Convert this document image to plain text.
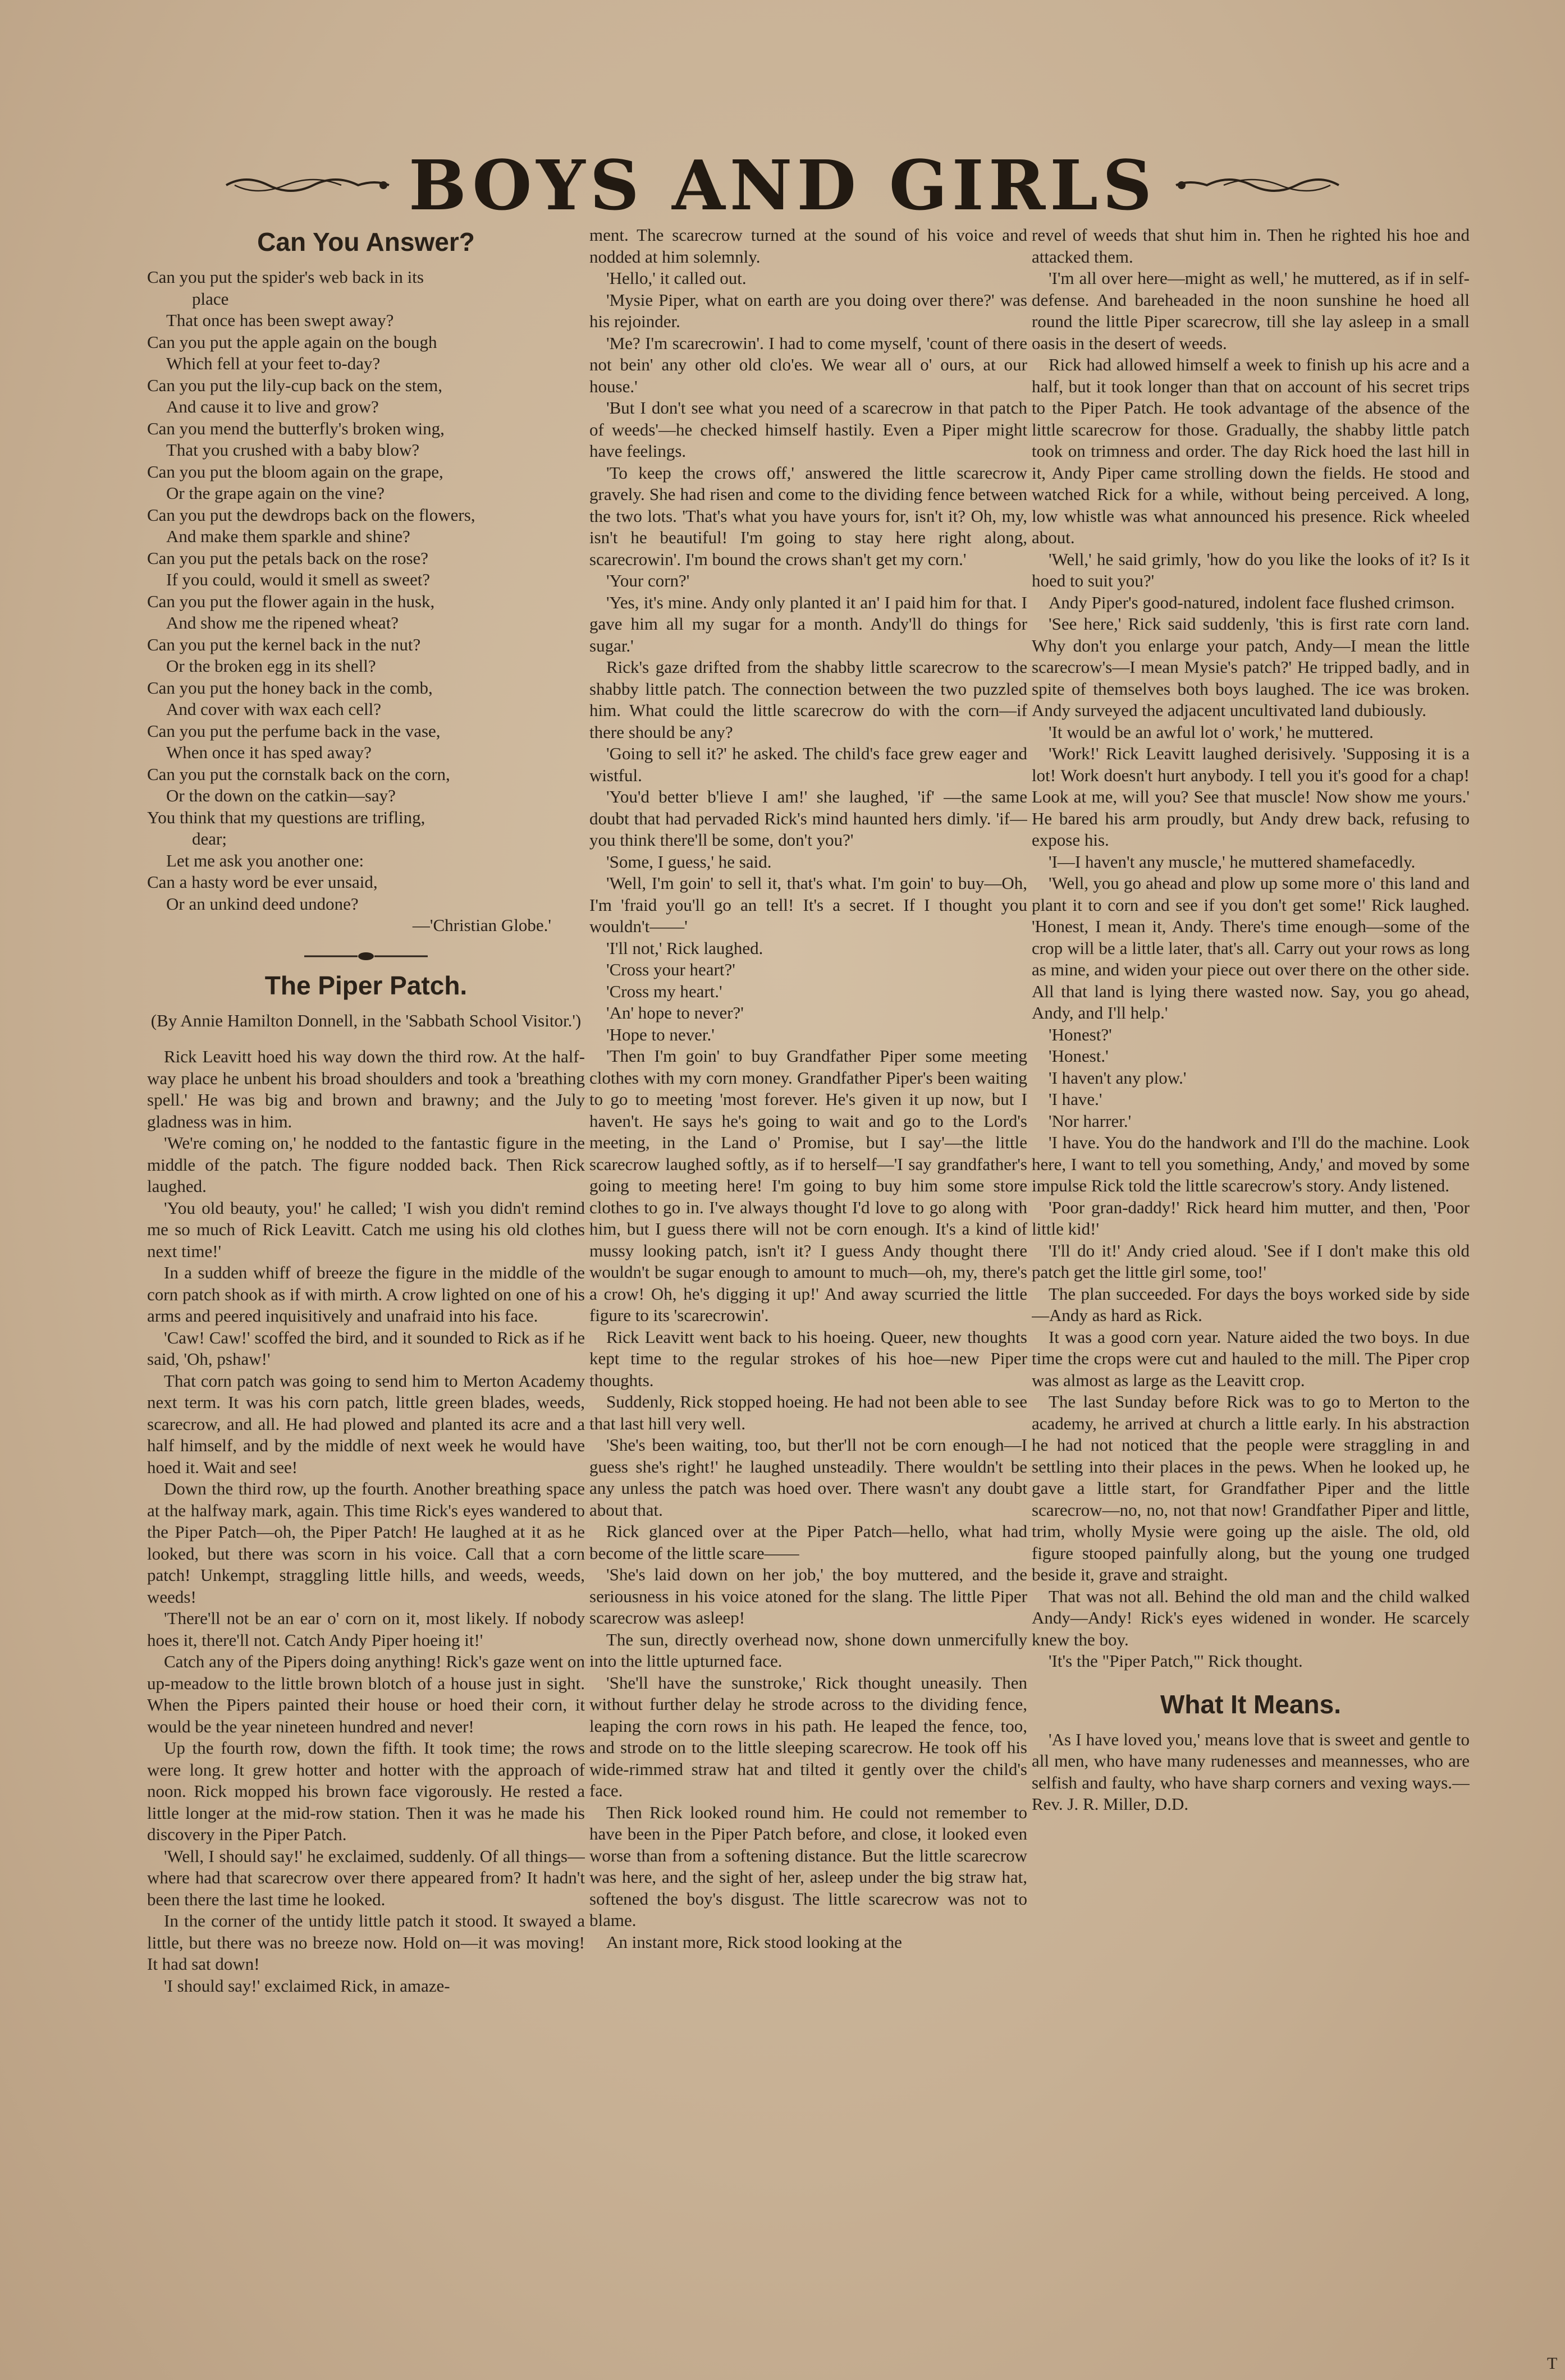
BOYS AND GIRLS
Can You Answer?

Can you put the spider's web back in its

place

That once has been swept away?

Can you put the apple again on the bough

Which fell at your feet to-day?

Can you put the lily-cup back on the stem,

And cause it to live and grow?

Can you mend the butterfly's broken wing,

That you crushed with a baby blow?

Can you put the bloom again on the grape,

Or the grape again on the vine?

Can you put the dewdrops back on the flowers,

And make them sparkle and shine?

Can you put the petals back on the rose?

If you could, would it smell as sweet?

Can you put the flower again in the husk,

And show me the ripened wheat?

Can you put the kernel back in the nut?

Or the broken egg in its shell?

Can you put the honey back in the comb,

And cover with wax each cell?

Can you put the perfume back in the vase,

When once it has sped away?

Can you put the cornstalk back on the corn,

Or the down on the catkin—say?

You think that my questions are trifling,

dear;

Let me ask you another one:

Can a hasty word be ever unsaid,

Or an unkind deed undone?

—'Christian Globe.'

The Piper Patch.

(By Annie Hamilton Donnell, in the 'Sabbath School Visitor.')

Rick Leavitt hoed his way down the third row. At the half-way place he unbent his broad shoulders and took a 'breathing spell.' He was big and brown and brawny; and the July gladness was in him.

'We're coming on,' he nodded to the fantastic figure in the middle of the patch. The figure nodded back. Then Rick laughed.

'You old beauty, you!' he called; 'I wish you didn't remind me so much of Rick Leavitt. Catch me using his old clothes next time!'

In a sudden whiff of breeze the figure in the middle of the corn patch shook as if with mirth. A crow lighted on one of his arms and peered inquisitively and unafraid into his face.

'Caw! Caw!' scoffed the bird, and it sounded to Rick as if he said, 'Oh, pshaw!'

That corn patch was going to send him to Merton Academy next term. It was his corn patch, little green blades, weeds, scarecrow, and all. He had plowed and planted its acre and a half himself, and by the middle of next week he would have hoed it. Wait and see!

Down the third row, up the fourth. Another breathing space at the halfway mark, again. This time Rick's eyes wandered to the Piper Patch—oh, the Piper Patch! He laughed at it as he looked, but there was scorn in his voice. Call that a corn patch! Unkempt, straggling little hills, and weeds, weeds, weeds!

'There'll not be an ear o' corn on it, most likely. If nobody hoes it, there'll not. Catch Andy Piper hoeing it!'

Catch any of the Pipers doing anything! Rick's gaze went on up-meadow to the little brown blotch of a house just in sight. When the Pipers painted their house or hoed their corn, it would be the year nineteen hundred and never!

Up the fourth row, down the fifth. It took time; the rows were long. It grew hotter and hotter with the approach of noon. Rick mopped his brown face vigorously. He rested a little longer at the mid-row station. Then it was he made his discovery in the Piper Patch.

'Well, I should say!' he exclaimed, suddenly. Of all things—where had that scarecrow over there appeared from? It hadn't been there the last time he looked.

In the corner of the untidy little patch it stood. It swayed a little, but there was no breeze now. Hold on—it was moving! It had sat down!

'I should say!' exclaimed Rick, in amaze-

ment. The scarecrow turned at the sound of his voice and nodded at him solemnly.

'Hello,' it called out.

'Mysie Piper, what on earth are you doing over there?' was his rejoinder.

'Me? I'm scarecrowin'. I had to come myself, 'count of there not bein' any other old clo'es. We wear all o' ours, at our house.'

'But I don't see what you need of a scarecrow in that patch of weeds'—he checked himself hastily. Even a Piper might have feelings.

'To keep the crows off,' answered the little scarecrow gravely. She had risen and come to the dividing fence between the two lots. 'That's what you have yours for, isn't it? Oh, my, isn't he beautiful! I'm going to stay here right along, scarecrowin'. I'm bound the crows shan't get my corn.'

'Your corn?'

'Yes, it's mine. Andy only planted it an' I paid him for that. I gave him all my sugar for a month. Andy'll do things for sugar.'

Rick's gaze drifted from the shabby little scarecrow to the shabby little patch. The connection between the two puzzled him. What could the little scarecrow do with the corn—if there should be any?

'Going to sell it?' he asked. The child's face grew eager and wistful.

'You'd better b'lieve I am!' she laughed, 'if' —the same doubt that had pervaded Rick's mind haunted hers dimly. 'if—you think there'll be some, don't you?'

'Some, I guess,' he said.

'Well, I'm goin' to sell it, that's what. I'm goin' to buy—Oh, I'm 'fraid you'll go an tell! It's a secret. If I thought you wouldn't——'

'I'll not,' Rick laughed.

'Cross your heart?'

'Cross my heart.'

'An' hope to never?'

'Hope to never.'

'Then I'm goin' to buy Grandfather Piper some meeting clothes with my corn money. Grandfather Piper's been waiting to go to meeting 'most forever. He's given it up now, but I haven't. He says he's going to wait and go to the Lord's meeting, in the Land o' Promise, but I say'—the little scarecrow laughed softly, as if to herself—'I say grandfather's going to meeting here! I'm going to buy him some store clothes to go in. I've always thought I'd love to go along with him, but I guess there will not be corn enough. It's a kind of mussy looking patch, isn't it? I guess Andy thought there wouldn't be sugar enough to amount to much—oh, my, there's a crow! Oh, he's digging it up!' And away scurried the little figure to its 'scarecrowin'.

Rick Leavitt went back to his hoeing. Queer, new thoughts kept time to the regular strokes of his hoe—new Piper thoughts.

Suddenly, Rick stopped hoeing. He had not been able to see that last hill very well.

'She's been waiting, too, but ther'll not be corn enough—I guess she's right!' he laughed unsteadily. There wouldn't be any unless the patch was hoed over. There wasn't any doubt about that.

Rick glanced over at the Piper Patch—hello, what had become of the little scare——

'She's laid down on her job,' the boy muttered, and the seriousness in his voice atoned for the slang. The little Piper scarecrow was asleep!

The sun, directly overhead now, shone down unmercifully into the little upturned face.

'She'll have the sunstroke,' Rick thought uneasily. Then without further delay he strode across to the dividing fence, leaping the corn rows in his path. He leaped the fence, too, and strode on to the little sleeping scarecrow. He took off his wide-rimmed straw hat and tilted it gently over the child's face.

Then Rick looked round him. He could not remember to have been in the Piper Patch before, and close, it looked even worse than from a softening distance. But the little scarecrow was here, and the sight of her, asleep under the big straw hat, softened the boy's disgust. The little scarecrow was not to blame.

An instant more, Rick stood looking at the

revel of weeds that shut him in. Then he righted his hoe and attacked them.

'I'm all over here—might as well,' he muttered, as if in self-defense. And bareheaded in the noon sunshine he hoed all round the little Piper scarecrow, till she lay asleep in a small oasis in the desert of weeds.

Rick had allowed himself a week to finish up his acre and a half, but it took longer than that on account of his secret trips to the Piper Patch. He took advantage of the absence of the little scarecrow for those. Gradually, the shabby little patch took on trimness and order. The day Rick hoed the last hill in it, Andy Piper came strolling down the fields. He stood and watched Rick for a while, without being perceived. A long, low whistle was what announced his presence. Rick wheeled about.

'Well,' he said grimly, 'how do you like the looks of it? Is it hoed to suit you?'

Andy Piper's good-natured, indolent face flushed crimson.

'See here,' Rick said suddenly, 'this is first rate corn land. Why don't you enlarge your patch, Andy—I mean the little scarecrow's—I mean Mysie's patch?' He tripped badly, and in spite of themselves both boys laughed. The ice was broken. Andy surveyed the adjacent uncultivated land dubiously.

'It would be an awful lot o' work,' he muttered.

'Work!' Rick Leavitt laughed derisively. 'Supposing it is a lot! Work doesn't hurt anybody. I tell you it's good for a chap! Look at me, will you? See that muscle! Now show me yours.' He bared his arm proudly, but Andy drew back, refusing to expose his.

'I—I haven't any muscle,' he muttered shamefacedly.

'Well, you go ahead and plow up some more o' this land and plant it to corn and see if you don't get some!' Rick laughed. 'Honest, I mean it, Andy. There's time enough—some of the crop will be a little later, that's all. Carry out your rows as long as mine, and widen your piece out over there on the other side. All that land is lying there wasted now. Say, you go ahead, Andy, and I'll help.'

'Honest?'

'Honest.'

'I haven't any plow.'

'I have.'

'Nor harrer.'

'I have. You do the handwork and I'll do the machine. Look here, I want to tell you something, Andy,' and moved by some impulse Rick told the little scarecrow's story. Andy listened.

'Poor gran-daddy!' Rick heard him mutter, and then, 'Poor little kid!'

'I'll do it!' Andy cried aloud. 'See if I don't make this old patch get the little girl some, too!'

The plan succeeded. For days the boys worked side by side—Andy as hard as Rick.

It was a good corn year. Nature aided the two boys. In due time the crops were cut and hauled to the mill. The Piper crop was almost as large as the Leavitt crop.

The last Sunday before Rick was to go to Merton to the academy, he arrived at church a little early. In his abstraction he had not noticed that the people were straggling in and settling into their places in the pews. When he looked up, he gave a little start, for Grandfather Piper and the little scarecrow—no, no, not that now! Grandfather Piper and little, trim, wholly Mysie were going up the aisle. The old, old figure stooped painfully along, but the young one trudged beside it, grave and straight.

That was not all. Behind the old man and the child walked Andy—Andy! Rick's eyes widened in wonder. He scarcely knew the boy.

'It's the "Piper Patch,"' Rick thought.

What It Means.

'As I have loved you,' means love that is sweet and gentle to all men, who have many rudenesses and meannesses, who are selfish and faulty, who have sharp corners and vexing ways.—Rev. J. R. Miller, D.D.

T
